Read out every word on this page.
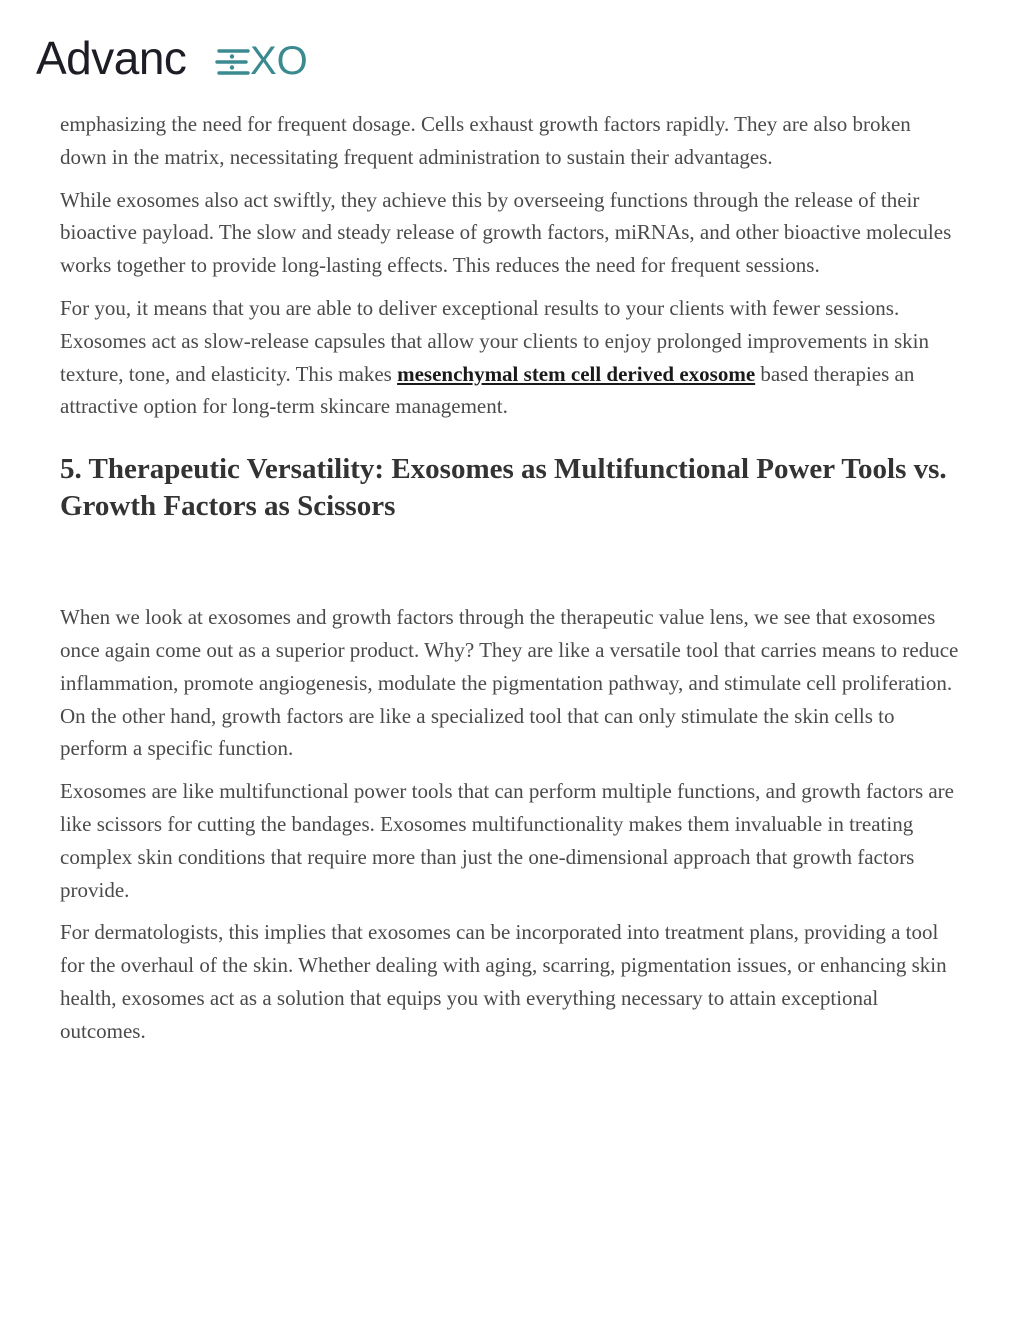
Advanc XO

emphasizing the need for frequent dosage. Cells exhaust growth factors rapidly. They are also broken down in the matrix, necessitating frequent administration to sustain their advantages.

While exosomes also act swiftly, they achieve this by overseeing functions through the release of their bioactive payload. The slow and steady release of growth factors, miRNAs, and other bioactive molecules works together to provide long-lasting effects. This reduces the need for frequent sessions.

For you, it means that you are able to deliver exceptional results to your clients with fewer sessions. Exosomes act as slow-release capsules that allow your clients to enjoy prolonged improvements in skin texture, tone, and elasticity. This makes mesenchymal stem cell derived exosome based therapies an attractive option for long-term skincare management.

5. Therapeutic Versatility: Exosomes as Multifunctional Power Tools vs. Growth Factors as Scissors

When we look at exosomes and growth factors through the therapeutic value lens, we see that exosomes once again come out as a superior product. Why? They are like a versatile tool that carries means to reduce inflammation, promote angiogenesis, modulate the pigmentation pathway, and stimulate cell proliferation. On the other hand, growth factors are like a specialized tool that can only stimulate the skin cells to perform a specific function.

Exosomes are like multifunctional power tools that can perform multiple functions, and growth factors are like scissors for cutting the bandages. Exosomes multifunctionality makes them invaluable in treating complex skin conditions that require more than just the one-dimensional approach that growth factors provide.

For dermatologists, this implies that exosomes can be incorporated into treatment plans, providing a tool for the overhaul of the skin. Whether dealing with aging, scarring, pigmentation issues, or enhancing skin health, exosomes act as a solution that equips you with everything necessary to attain exceptional outcomes.
